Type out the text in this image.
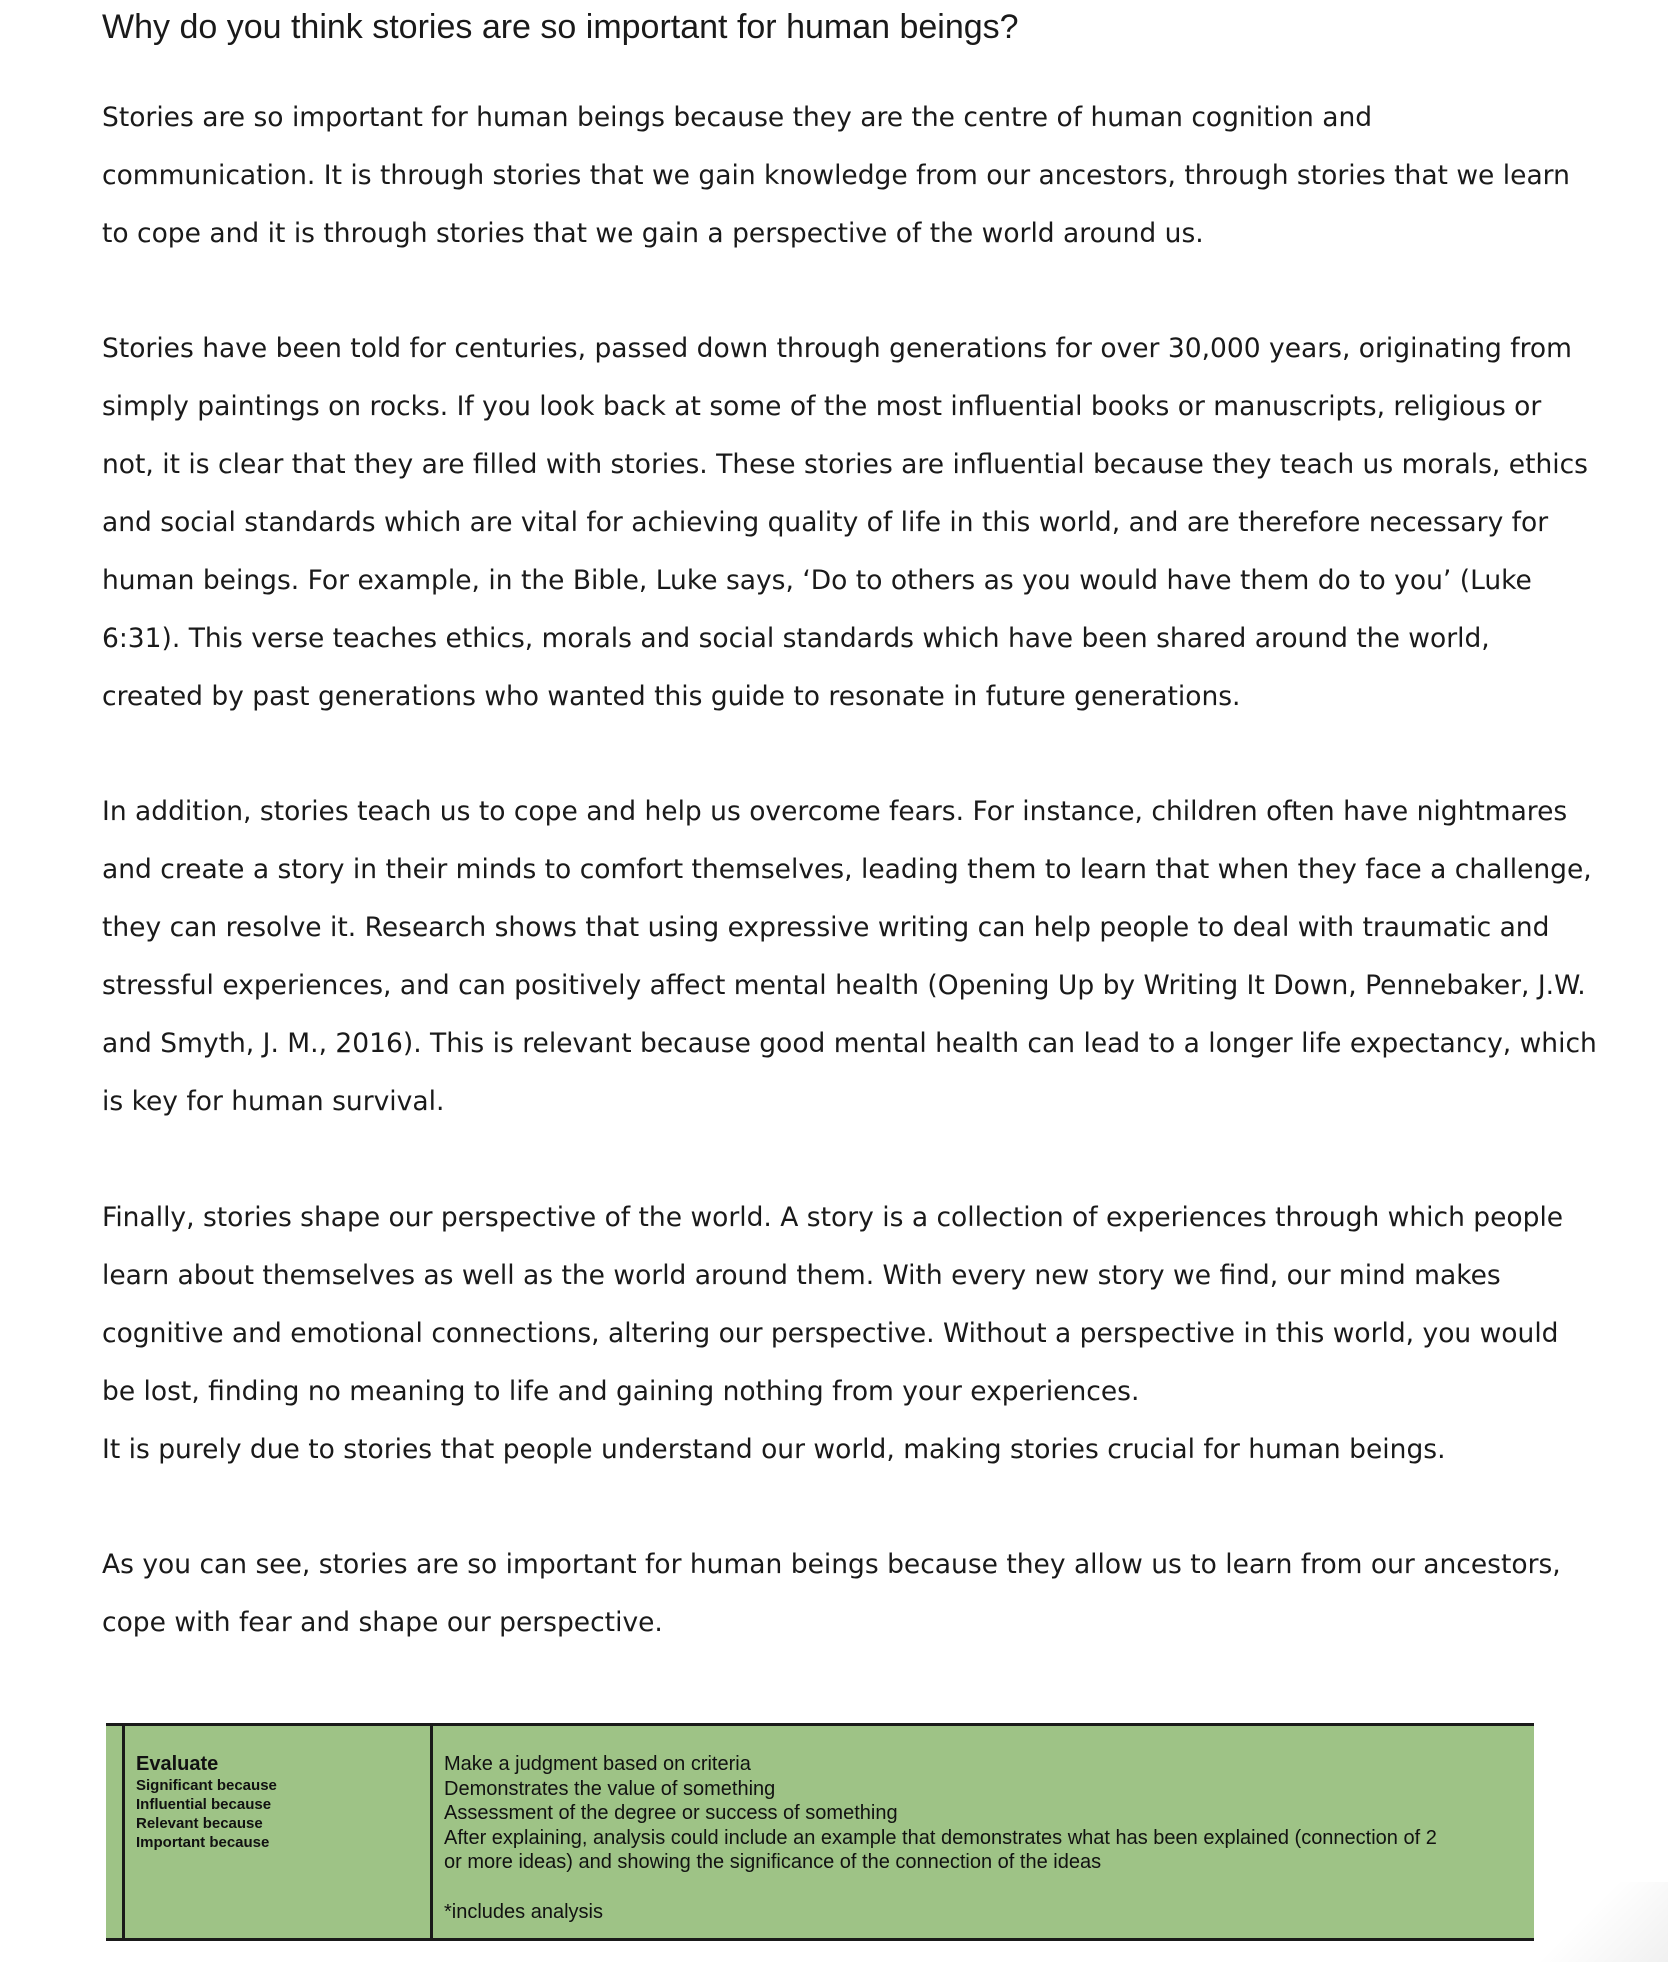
Why do you think stories are so important for human beings?

Stories are so important for human beings because they are the centre of human cognition and
communication. It is through stories that we gain knowledge from our ancestors, through stories that we learn
to cope and it is through stories that we gain a perspective of the world around us.

Stories have been told for centuries, passed down through generations for over 30,000 years, originating from
simply paintings on rocks. If you look back at some of the most influential books or manuscripts, religious or
not, it is clear that they are filled with stories. These stories are influential because they teach us morals, ethics
and social standards which are vital for achieving quality of life in this world, and are therefore necessary for
human beings. For example, in the Bible, Luke says, ‘Do to others as you would have them do to you’ (Luke
6:31). This verse teaches ethics, morals and social standards which have been shared around the world,
created by past generations who wanted this guide to resonate in future generations.

In addition, stories teach us to cope and help us overcome fears. For instance, children often have nightmares
and create a story in their minds to comfort themselves, leading them to learn that when they face a challenge,
they can resolve it. Research shows that using expressive writing can help people to deal with traumatic and
stressful experiences, and can positively affect mental health (Opening Up by Writing It Down, Pennebaker, J.W.
and Smyth, J. M., 2016). This is relevant because good mental health can lead to a longer life expectancy, which
is key for human survival.

Finally, stories shape our perspective of the world. A story is a collection of experiences through which people
learn about themselves as well as the world around them. With every new story we find, our mind makes
cognitive and emotional connections, altering our perspective. Without a perspective in this world, you would
be lost, finding no meaning to life and gaining nothing from your experiences.
It is purely due to stories that people understand our world, making stories crucial for human beings.

As you can see, stories are so important for human beings because they allow us to learn from our ancestors,
cope with fear and shape our perspective.

Evaluate
Significant because
Influential because
Relevant because
Important because
Make a judgment based on criteria
Demonstrates the value of something
Assessment of the degree or success of something
After explaining, analysis could include an example that demonstrates what has been explained (connection of 2
or more ideas) and showing the significance of the connection of the ideas
*includes analysis
